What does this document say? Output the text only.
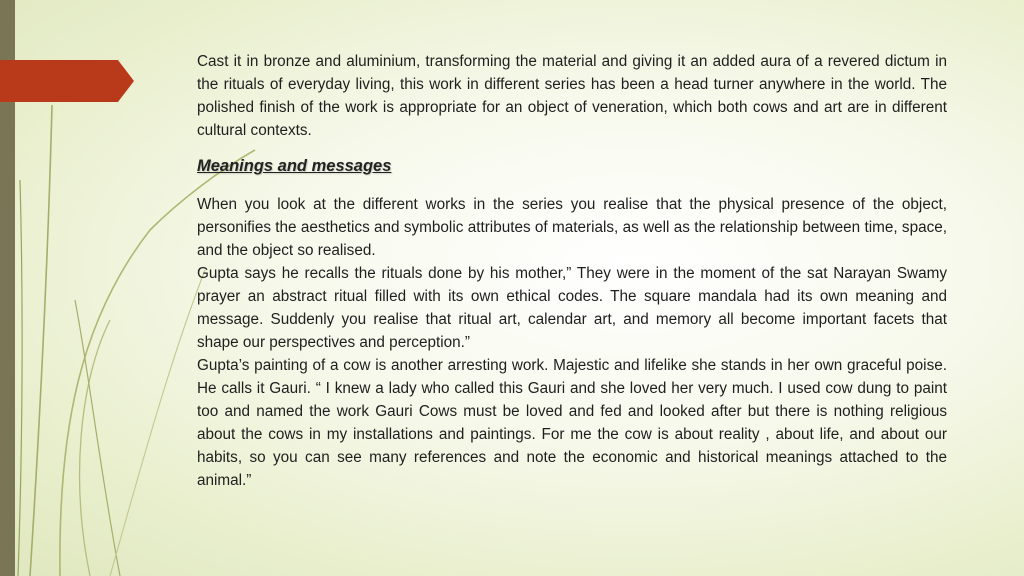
Cast it in bronze and aluminium, transforming the material and giving it an added aura of a revered dictum in the rituals of everyday living, this work in different series has been a head turner anywhere in the world. The polished finish of the work is appropriate for an object of veneration, which both cows and art are in different cultural contexts.

Meanings and messages

When you look at the different works in the series you realise that the physical presence of the object, personifies the aesthetics and symbolic attributes of materials, as well as the relationship between time, space, and the object so realised.

Gupta says he recalls the rituals done by his mother,” They were in the moment of the sat Narayan Swamy prayer an abstract ritual filled with its own ethical codes. The square mandala had its own meaning and message. Suddenly you realise that ritual art, calendar art, and memory all become important facets that shape our perspectives and perception.”

Gupta’s painting of a cow is another arresting work. Majestic and lifelike she stands in her own graceful poise. He calls it Gauri. “ I knew a lady who called this Gauri and she loved her very much. I used cow dung to paint too and named the work Gauri Cows must be loved and fed and looked after but there is nothing religious about the cows in my installations and paintings. For me the cow is about reality , about life, and about our habits, so you can see many references and note the economic and historical meanings attached to the animal.”
